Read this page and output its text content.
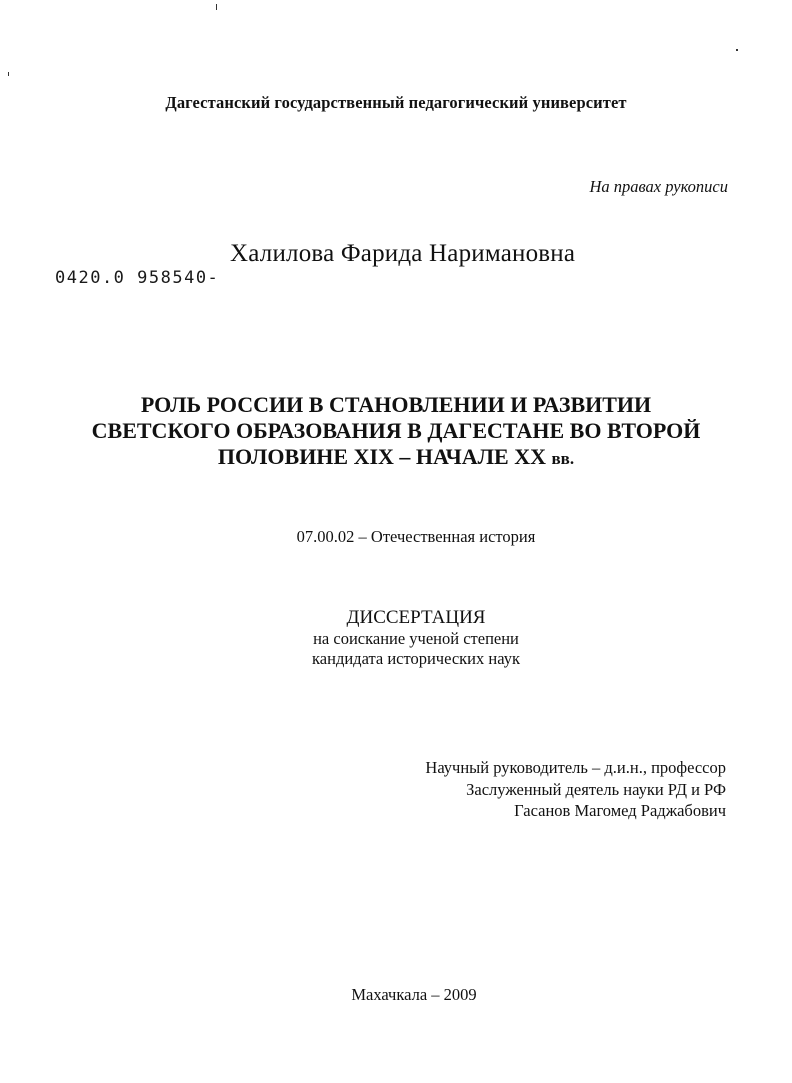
Дагестанский государственный педагогический университет
На правах рукописи
Халилова Фарида Наримановна
0420.0 958540-
РОЛЬ РОССИИ В СТАНОВЛЕНИИ И РАЗВИТИИ
СВЕТСКОГО ОБРАЗОВАНИЯ В ДАГЕСТАНЕ ВО ВТОРОЙ
ПОЛОВИНЕ XIX – НАЧАЛЕ XX вв.
07.00.02 – Отечественная история
ДИССЕРТАЦИЯ
на соискание ученой степени
кандидата исторических наук
Научный руководитель – д.и.н., профессор
Заслуженный деятель науки РД и РФ
Гасанов Магомед Раджабович
Махачкала – 2009
